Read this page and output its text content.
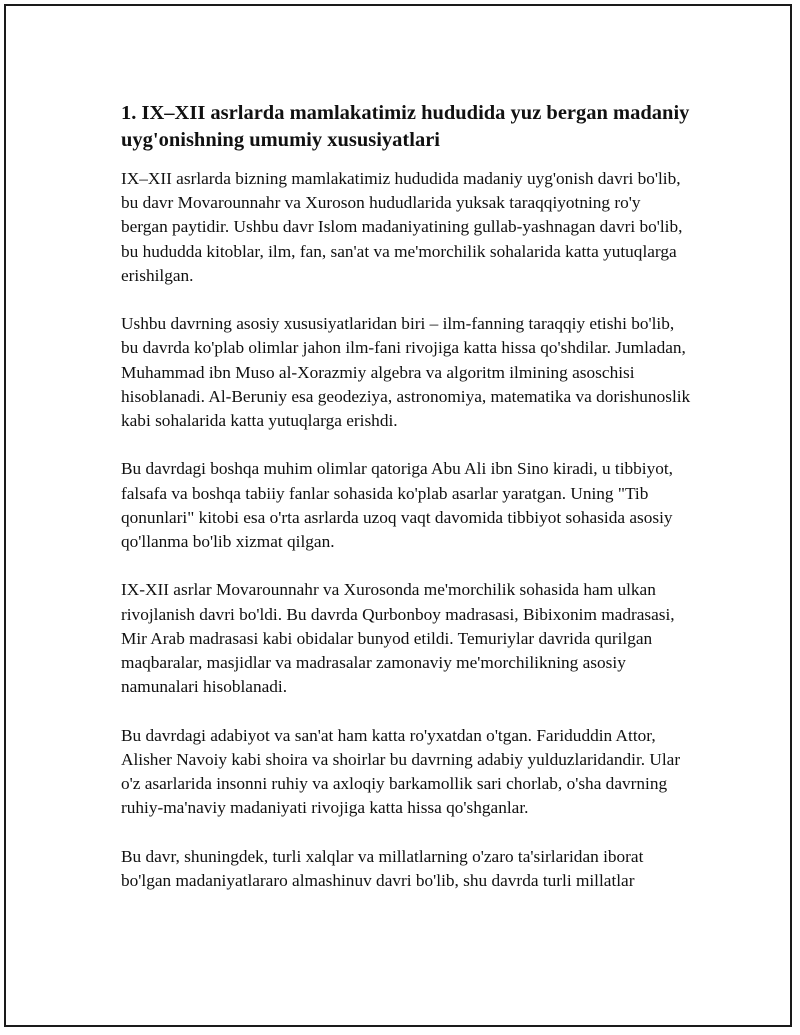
1. IX–XII asrlarda mamlakatimiz hududida yuz bergan madaniy uyg'onishning umumiy xususiyatlari

IX–XII asrlarda bizning mamlakatimiz hududida madaniy uyg'onish davri bo'lib, bu davr Movarounnahr va Xuroson hududlarida yuksak taraqqiyotning ro'y bergan paytidir. Ushbu davr Islom madaniyatining gullab-yashnagan davri bo'lib, bu hududda kitoblar, ilm, fan, san'at va me'morchilik sohalarida katta yutuqlarga erishilgan.

Ushbu davrning asosiy xususiyatlaridan biri – ilm-fanning taraqqiy etishi bo'lib, bu davrda ko'plab olimlar jahon ilm-fani rivojiga katta hissa qo'shdilar. Jumladan, Muhammad ibn Muso al-Xorazmiy algebra va algoritm ilmining asoschisi hisoblanadi. Al-Beruniy esa geodeziya, astronomiya, matematika va dorishunoslik kabi sohalarida katta yutuqlarga erishdi.

Bu davrdagi boshqa muhim olimlar qatoriga Abu Ali ibn Sino kiradi, u tibbiyot, falsafa va boshqa tabiiy fanlar sohasida ko'plab asarlar yaratgan. Uning "Tib qonunlari" kitobi esa o'rta asrlarda uzoq vaqt davomida tibbiyot sohasida asosiy qo'llanma bo'lib xizmat qilgan.

IX-XII asrlar Movarounnahr va Xurosonda me'morchilik sohasida ham ulkan rivojlanish davri bo'ldi. Bu davrda Qurbonboy madrasasi, Bibixonim madrasasi, Mir Arab madrasasi kabi obidalar bunyod etildi. Temuriylar davrida qurilgan maqbaralar, masjidlar va madrasalar zamonaviy me'morchilikning asosiy namunalari hisoblanadi.

Bu davrdagi adabiyot va san'at ham katta ro'yxatdan o'tgan. Fariduddin Attor, Alisher Navoiy kabi shoira va shoirlar bu davrning adabiy yulduzlaridandir. Ular o'z asarlarida insonni ruhiy va axloqiy barkamollik sari chorlab, o'sha davrning ruhiy-ma'naviy madaniyati rivojiga katta hissa qo'shganlar.

Bu davr, shuningdek, turli xalqlar va millatlarning o'zaro ta'sirlaridan iborat bo'lgan madaniyatlararo almashinuv davri bo'lib, shu davrda turli millatlar
